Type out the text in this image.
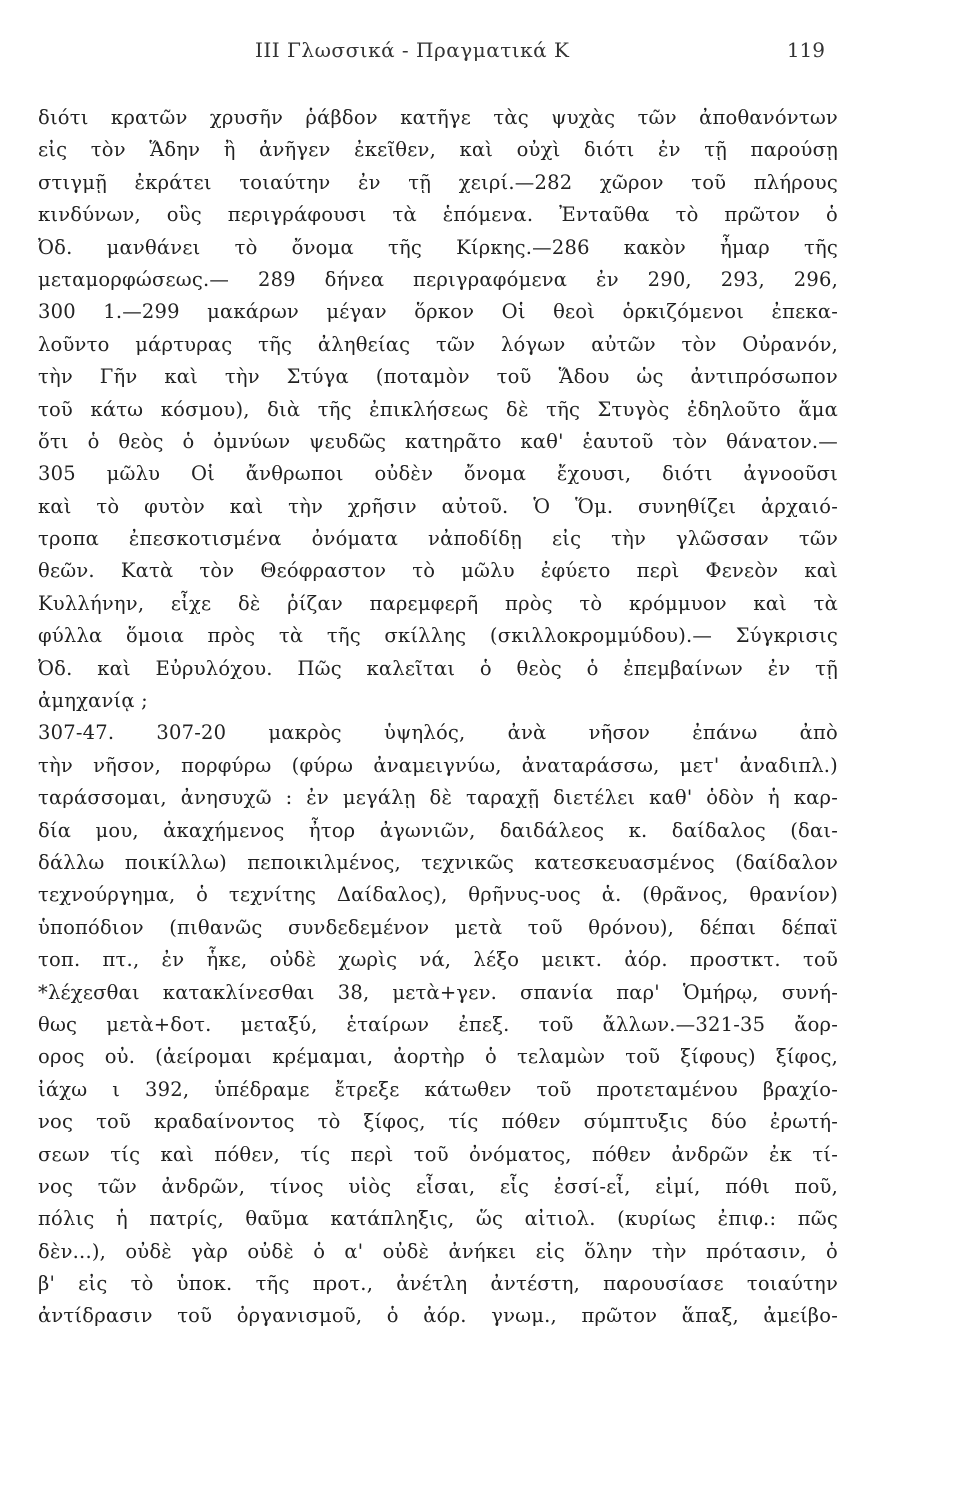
III Γλωσσικά - Πραγματικά Κ	119
διότι κρατῶν χρυσῆν ῥάβδον κατῆγε τὰς ψυχὰς τῶν ἀποθανόντων
εἰς τὸν Ἅδην ἢ ἀνῆγεν ἐκεῖθεν, καὶ οὐχὶ διότι ἐν τῇ παρούσῃ
στιγμῇ ἐκράτει τοιαύτην ἐν τῇ χειρί.—282 χῶρον τοῦ πλήρους
κινδύνων, οὓς περιγράφουσι τὰ ἑπόμενα. Ἐνταῦθα τὸ πρῶτον ὁ
Ὀδ. μανθάνει τὸ ὄνομα τῆς Κίρκης.—286 κακὸν ἦμαρ τῆς
μεταμορφώσεως.— 289 δήνεα περιγραφόμενα ἐν 290, 293, 296,
300 1.—299 μακάρων μέγαν ὅρκον Οἱ θεοὶ ὁρκιζόμενοι ἐπεκα-
λοῦντο μάρτυρας τῆς ἀληθείας τῶν λόγων αὐτῶν τὸν Οὐρανόν,
τὴν Γῆν καὶ τὴν Στύγα (ποταμὸν τοῦ Ἅδου ὡς ἀντιπρόσωπον
τοῦ κάτω κόσμου), διὰ τῆς ἐπικλήσεως δὲ τῆς Στυγὸς ἐδηλοῦτο ἅμα
ὅτι ὁ θεὸς ὁ ὀμνύων ψευδῶς κατηρᾶτο καθ' ἑαυτοῦ τὸν θάνατον.—
305 μῶλυ Οἱ ἄνθρωποι οὐδὲν ὄνομα ἔχουσι, διότι ἀγνοοῦσι
καὶ τὸ φυτὸν καὶ τὴν χρῆσιν αὐτοῦ. Ὁ Ὅμ. συνηθίζει ἀρχαιό-
τροπα ἐπεσκοτισμένα ὀνόματα νἀποδίδῃ εἰς τὴν γλῶσσαν τῶν
θεῶν. Κατὰ τὸν Θεόφραστον τὸ μῶλυ ἐφύετο περὶ Φενεὸν καὶ
Κυλλήνην, εἶχε δὲ ῥίζαν παρεμφερῆ πρὸς τὸ κρόμμυον καὶ τὰ
φύλλα ὅμοια πρὸς τὰ τῆς σκίλλης (σκιλλοκρομμύδου).— Σύγκρισις
Ὀδ. καὶ Εὐρυλόχου. Πῶς καλεῖται ὁ θεὸς ὁ ἐπεμβαίνων ἐν τῇ
ἀμηχανίᾳ ;
307-47. 307-20 μακρὸς ὑψηλός, ἀνὰ νῆσον ἐπάνω ἀπὸ
τὴν νῆσον, πορφύρω (φύρω ἀναμειγνύω, ἀναταράσσω, μετ' ἀναδιπλ.)
ταράσσομαι, ἀνησυχῶ : ἐν μεγάλῃ δὲ ταραχῇ διετέλει καθ' ὁδὸν ἡ καρ-
δία μου, ἀκαχήμενος ἦτορ ἀγωνιῶν, δαιδάλεος κ. δαίδαλος (δαι-
δάλλω ποικίλλω) πεποικιλμένος, τεχνικῶς κατεσκευασμένος (δαίδαλον
τεχνούργημα, ὁ τεχνίτης Δαίδαλος), θρῆνυς-υος ἁ. (θρᾶνος, θρανίον)
ὑποπόδιον (πιθανῶς συνδεδεμένον μετὰ τοῦ θρόνου), δέπαι δέπαϊ
τοπ. πτ., ἐν ἧκε, οὐδὲ χωρὶς νά, λέξο μεικτ. ἀόρ. προστκτ. τοῦ
*λέχεσθαι κατακλίνεσθαι 38, μετὰ+γεν. σπανία παρ' Ὁμήρῳ, συνή-
θως μετὰ+δοτ. μεταξύ, ἑταίρων ἐπεξ. τοῦ ἄλλων.—321-35 ἄορ-
ορος οὐ. (ἀείρομαι κρέμαμαι, ἀορτὴρ ὁ τελαμὼν τοῦ ξίφους) ξίφος,
ἰάχω ι 392, ὑπέδραμε ἔτρεξε κάτωθεν τοῦ προτεταμένου βραχίο-
νος τοῦ κραδαίνοντος τὸ ξίφος, τίς πόθεν σύμπτυξις δύο ἐρωτή-
σεων τίς καὶ πόθεν, τίς περὶ τοῦ ὀνόματος, πόθεν ἀνδρῶν ἐκ τί-
νος τῶν ἀνδρῶν, τίνος υἱὸς εἶσαι, εἷς ἐσσί-εἶ, εἰμί, πόθι ποῦ,
πόλις ἡ πατρίς, θαῦμα κατάπληξις, ὥς αἰτιολ. (κυρίως ἐπιφ.: πῶς
δὲν...), οὐδὲ γὰρ οὐδὲ ὁ α' οὐδὲ ἀνήκει εἰς ὅλην τὴν πρότασιν, ὁ
β' εἰς τὸ ὑποκ. τῆς προτ., ἀνέτλη ἀντέστη, παρουσίασε τοιαύτην
ἀντίδρασιν τοῦ ὀργανισμοῦ, ὁ ἀόρ. γνωμ., πρῶτον ἅπαξ, ἀμείβο-
